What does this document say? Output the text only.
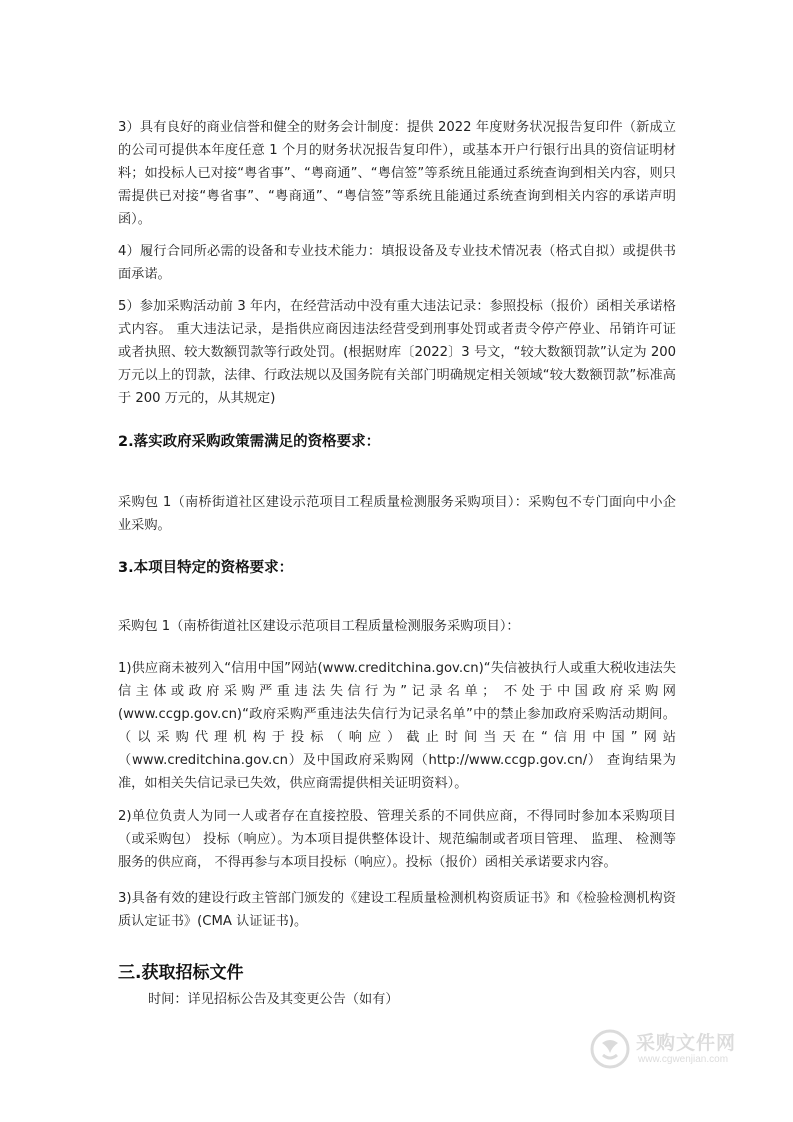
3）具有良好的商业信誉和健全的财务会计制度：提供 2022 年度财务状况报告复印件（新成立的公司可提供本年度任意 1 个月的财务状况报告复印件），或基本开户行银行出具的资信证明材料；如投标人已对接“粤省事”、“粤商通”、“粤信签”等系统且能通过系统查询到相关内容，则只需提供已对接“粤省事”、“粤商通”、“粤信签”等系统且能通过系统查询到相关内容的承诺声明函）。

4）履行合同所必需的设备和专业技术能力：填报设备及专业技术情况表（格式自拟）或提供书面承诺。

5）参加采购活动前 3 年内，在经营活动中没有重大违法记录：参照投标（报价）函相关承诺格式内容。 重大违法记录，是指供应商因违法经营受到刑事处罚或者责令停产停业、吊销许可证或者执照、较大数额罚款等行政处罚。(根据财库〔2022〕3 号文，“较大数额罚款”认定为 200 万元以上的罚款，法律、行政法规以及国务院有关部门明确规定相关领域“较大数额罚款”标准高于 200 万元的，从其规定)

2.落实政府采购政策需满足的资格要求：

采购包 1（南桥街道社区建设示范项目工程质量检测服务采购项目）：采购包不专门面向中小企业采购。

3.本项目特定的资格要求：

采购包 1（南桥街道社区建设示范项目工程质量检测服务采购项目）：

1)供应商未被列入“信用中国”网站(www.creditchina.gov.cn)“失信被执行人或重大税收违法失信主体或政府采购严重违法失信行为”记录名单； 不处于中国政府采购网(www.ccgp.gov.cn)“政府采购严重违法失信行为记录名单”中的禁止参加政府采购活动期间。（以采购代理机构于投标（响应）截止时间当天在“信用中国”网站（www.creditchina.gov.cn）及中国政府采购网（http://www.ccgp.gov.cn/） 查询结果为准，如相关失信记录已失效，供应商需提供相关证明资料）。

2)单位负责人为同一人或者存在直接控股、管理关系的不同供应商，不得同时参加本采购项目（或采购包） 投标（响应）。为本项目提供整体设计、规范编制或者项目管理、 监理、 检测等服务的供应商， 不得再参与本项目投标（响应）。投标（报价）函相关承诺要求内容。

3)具备有效的建设行政主管部门颁发的《建设工程质量检测机构资质证书》和《检验检测机构资质认定证书》(CMA 认证证书)。

三.获取招标文件

时间：详见招标公告及其变更公告（如有）

采购文件网
www.cgwenjian.com
